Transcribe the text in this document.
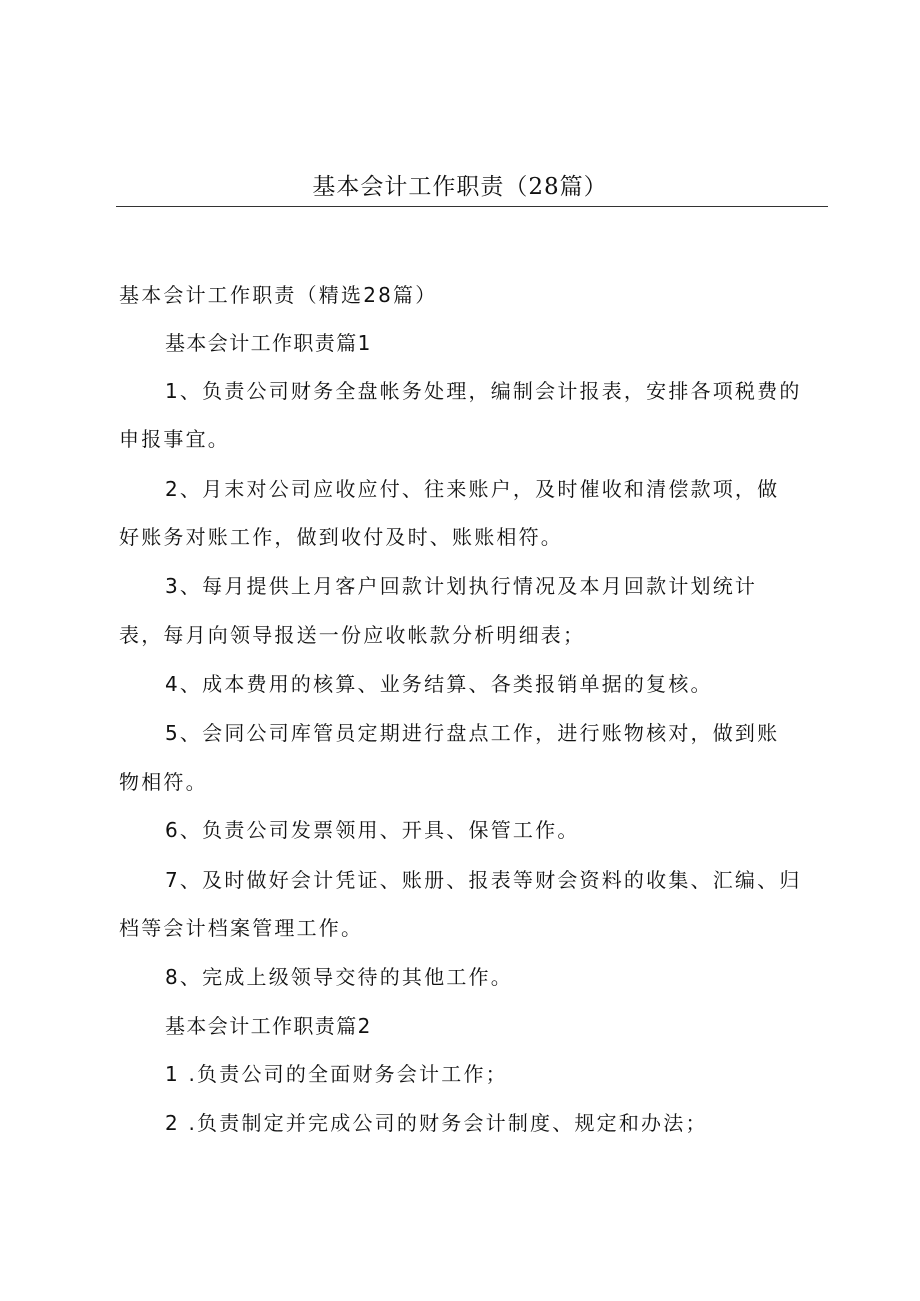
基本会计工作职责（28篇）
基本会计工作职责（精选28篇）
基本会计工作职责篇1
1、负责公司财务全盘帐务处理，编制会计报表，安排各项税费的
申报事宜。
2、月末对公司应收应付、往来账户，及时催收和清偿款项，做
好账务对账工作，做到收付及时、账账相符。
3、每月提供上月客户回款计划执行情况及本月回款计划统计
表，每月向领导报送一份应收帐款分析明细表；
4、成本费用的核算、业务结算、各类报销单据的复核。
5、会同公司库管员定期进行盘点工作，进行账物核对，做到账
物相符。
6、负责公司发票领用、开具、保管工作。
7、及时做好会计凭证、账册、报表等财会资料的收集、汇编、归
档等会计档案管理工作。
8、完成上级领导交待的其他工作。
基本会计工作职责篇2
1 .负责公司的全面财务会计工作；
2 .负责制定并完成公司的财务会计制度、规定和办法；
